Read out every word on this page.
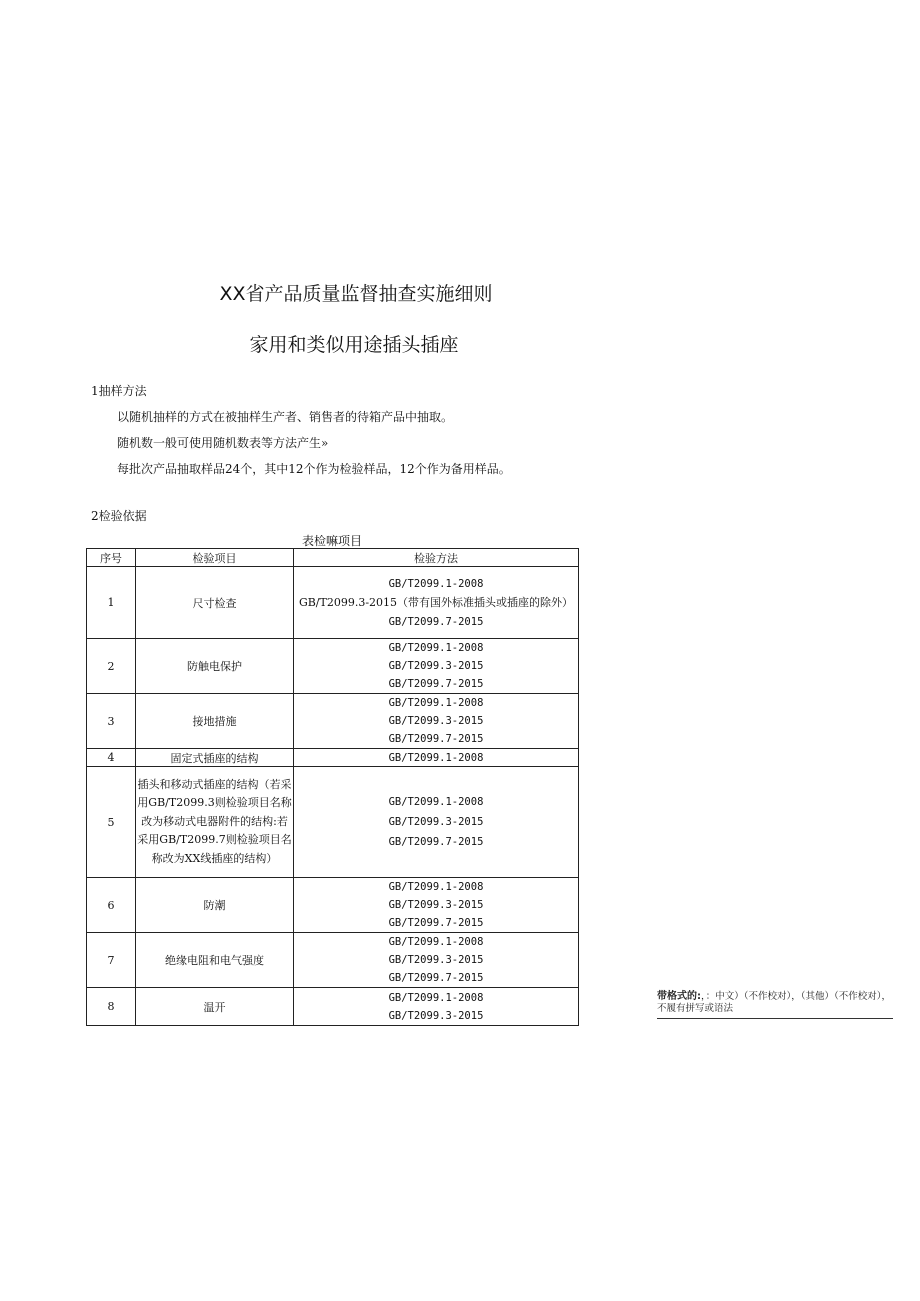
XX省产品质量监督抽查实施细则
家用和类似用途插头插座
1抽样方法
以随机抽样的方式在被抽样生产者、销售者的待箱产品中抽取。
随机数一般可使用随机数表等方法产生»
每批次产品抽取样品24个，其中12个作为检验样品，12个作为备用样品。
2检验依据
表检嘛项目
序号	检验项目	检验方法
1	尺寸检查	GB/T2099.1-2008
GB/T2099.3-2015（带有国外标准插头或插座的除外）
GB/T2099.7-2015

2	防触电保护	GB/T2099.1-2008
GB/T2099.3-2015
GB/T2099.7-2015

3	接地措施	GB/T2099.1-2008
GB/T2099.3-2015
GB/T2099.7-2015

4	固定式插座的结构	GB/T2099.1-2008

5	插头和移动式插座的结构（若采用GB/T2099.3则检验项目名称改为移动式电器附件的结构:若采用GB/T2099.7则检验项目名称改为XX线插座的结构）	GB/T2099.1-2008
GB/T2099.3-2015
GB/T2099.7-2015

6	防潮	GB/T2099.1-2008
GB/T2099.3-2015
GB/T2099.7-2015

7	绝缘电阻和电气强度	GB/T2099.1-2008
GB/T2099.3-2015
GB/T2099.7-2015

8	温开	GB/T2099.1-2008
GB/T2099.3-2015
带格式的:，：中文）（不作校对），（其他）（不作校对），不履有拼写或语法
